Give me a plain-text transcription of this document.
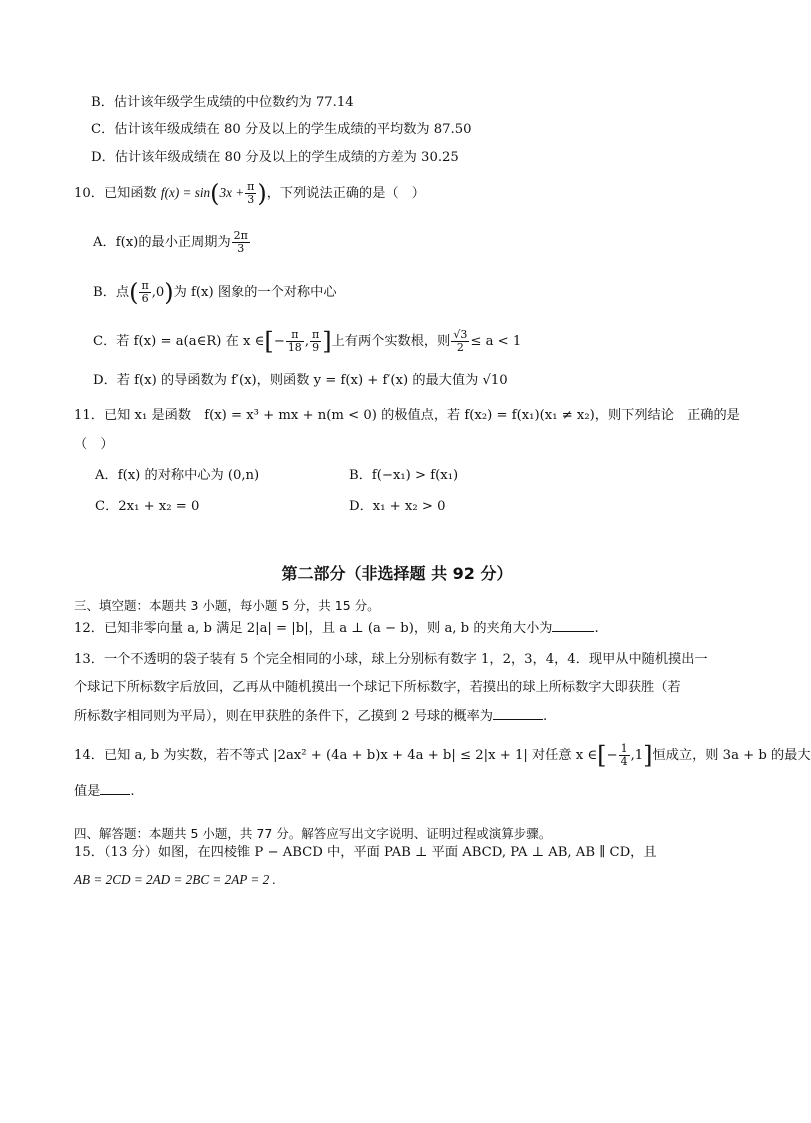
B．估计该年级学生成绩的中位数约为 77.14
C．估计该年级成绩在 80 分及以上的学生成绩的平均数为 87.50
D．估计该年级成绩在 80 分及以上的学生成绩的方差为 30.25
10．已知函数 $f(x) = \sin(3x + \frac{\pi}{3}$ )，下列说法正确的是（　）
A．f(x)的最小正周期为 $\frac{2\pi}{3}$
B．点( $\frac{\pi}{6} ,0$)为 f(x) 图象的一个对称中心
C．若 f(x) = a(a∈R) 在 x ∈[− $\frac{\pi}{18}$ , $\frac{\pi}{9}$ ]上有两个实数根，则 $\frac{√3}{2} \le a < 1$
D．若 f(x) 的导函数为 f′(x)，则函数 y = f(x) + f′(x) 的最大值为 √10
11．已知 x₁ 是函数　f(x) = x³ + mx + n(m < 0) 的极值点，若 f(x₂) = f(x₁)(x₁ ≠ x₂)，则下列结论　正确的是
（　）
A．f(x) 的对称中心为 (0,n)	B．f(−x₁) > f(x₁)
C．2x₁ + x₂ = 0	D．x₁ + x₂ > 0
第二部分（非选择题 共 92 分）
三、填空题：本题共 3 小题，每小题 5 分，共 15 分。
12．已知非零向量 a, b 满足 2|a| = |b|，且 a ⊥ (a − b)，则 a, b 的夹角大小为	.
13．一个不透明的袋子装有 5 个完全相同的小球，球上分别标有数字 1，2，3，4，4．现甲从中随机摸出一
个球记下所标数字后放回，乙再从中随机摸出一个球记下所标数字，若摸出的球上所标数字大即获胜（若
所标数字相同则为平局），则在甲获胜的条件下，乙摸到 2 号球的概率为	.
14．已知 a, b 为实数，若不等式 |2ax² + (4a + b)x + 4a + b| ≤ 2|x + 1| 对任意 x ∈[− $\frac{1}{4} ,1$]恒成立，则 3a + b 的最大
值是 .
四、解答题：本题共 5 小题，共 77 分。解答应写出文字说明、证明过程或演算步骤。
15．（13 分）如图，在四棱锥 P − ABCD 中，平面 PAB ⊥ 平面 ABCD, PA ⊥ AB, AB ∥ CD，且
AB = 2CD = 2AD = 2BC = 2AP = 2 .
